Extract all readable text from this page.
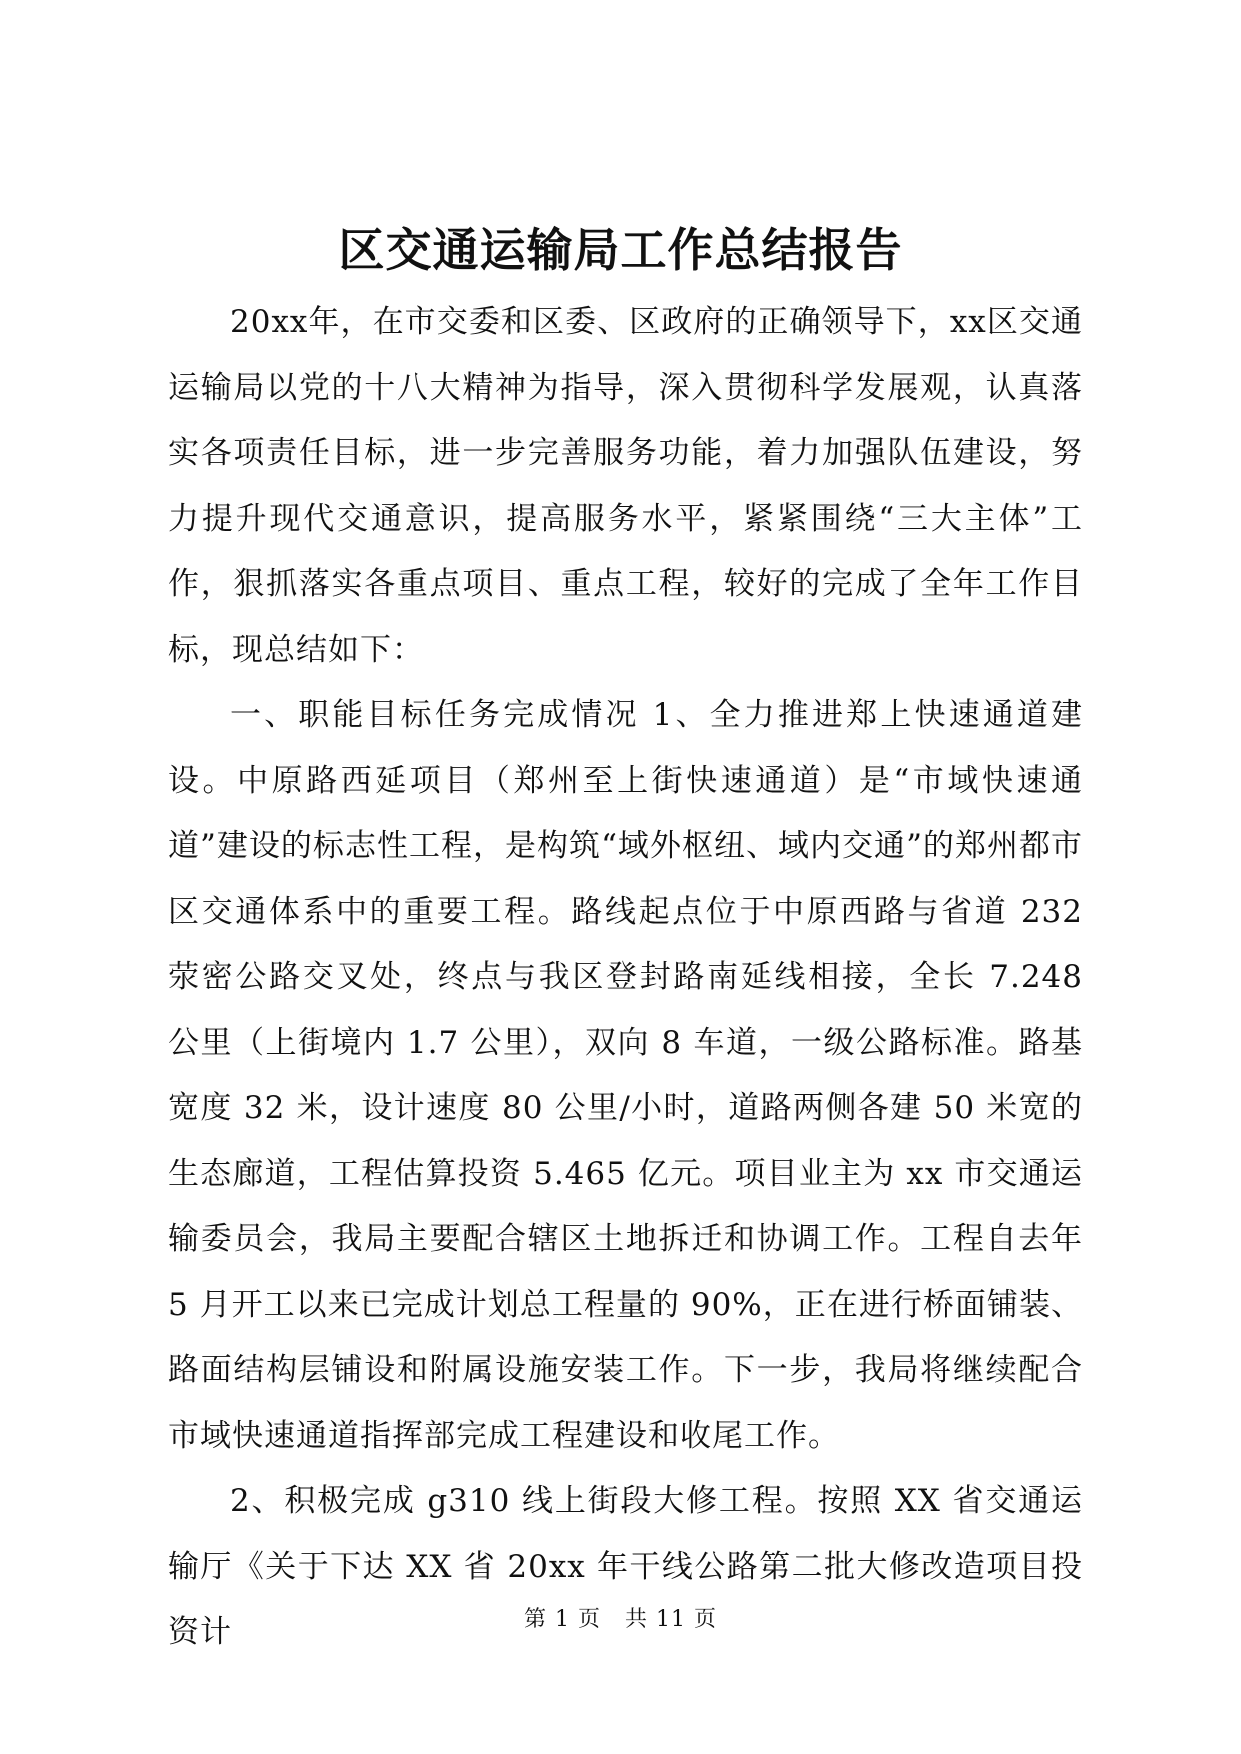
区交通运输局工作总结报告

20xx年，在市交委和区委、区政府的正确领导下，xx区交通运输局以党的十八大精神为指导，深入贯彻科学发展观，认真落实各项责任目标，进一步完善服务功能，着力加强队伍建设，努力提升现代交通意识，提高服务水平，紧紧围绕“三大主体”工作，狠抓落实各重点项目、重点工程，较好的完成了全年工作目标，现总结如下：

一、职能目标任务完成情况 1、全力推进郑上快速通道建设。中原路西延项目（郑州至上街快速通道）是“市域快速通道”建设的标志性工程，是构筑“域外枢纽、域内交通”的郑州都市区交通体系中的重要工程。路线起点位于中原西路与省道 232 荥密公路交叉处，终点与我区登封路南延线相接，全长 7.248 公里（上街境内 1.7 公里），双向 8 车道，一级公路标准。路基宽度 32 米，设计速度 80 公里/小时，道路两侧各建 50 米宽的生态廊道，工程估算投资 5.465 亿元。项目业主为 xx 市交通运输委员会，我局主要配合辖区土地拆迁和协调工作。工程自去年 5 月开工以来已完成计划总工程量的 90%，正在进行桥面铺装、路面结构层铺设和附属设施安装工作。下一步，我局将继续配合市域快速通道指挥部完成工程建设和收尾工作。

2、积极完成 g310 线上街段大修工程。按照 XX 省交通运输厅《关于下达 XX 省 20xx 年干线公路第二批大修改造项目投资计	第 1 页 共 11 页
